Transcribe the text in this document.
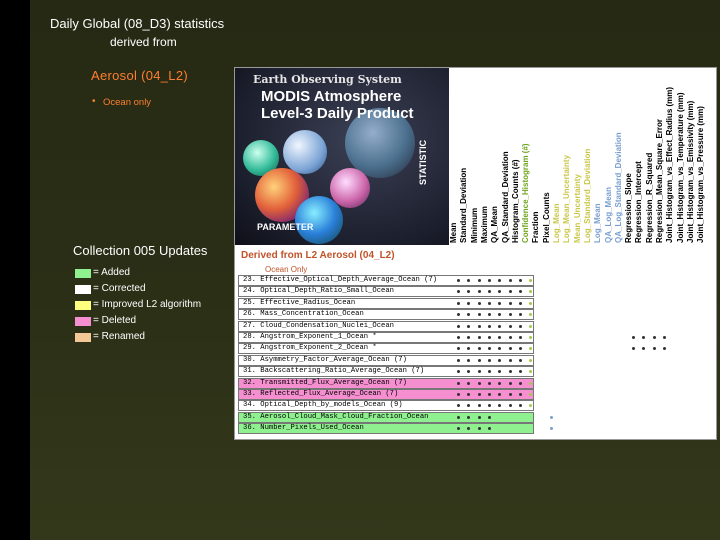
Daily Global (08_D3) statistics
derived from
Aerosol (04_L2)
• Ocean only
Collection 005 Updates
= Added
= Corrected
= Improved L2 algorithm
= Deleted
= Renamed
Earth Observing System
MODIS Atmosphere
Level-3 Daily Product
PARAMETER
STATISTIC
Mean Standard_Deviation Minimum Maximum QA_Mean QA_Standard_Deviation Histogram_Counts (#) Confidence_Histogram (#) Fraction Pixel_Counts Log_Mean Log_Mean_Uncertainty Mean_Uncertainty Log_Standard_Deviation Log_Mean QA_Log_Mean QA_Log_Standard_Deviation Regression_Slope Regression_Intercept Regression_R_Squared Regression_Mean_Square_Error Joint_Histogram_vs_Effect_Radius (mm) Joint_Histogram_vs_Temperature (mm) Joint_Histogram_vs_Emissivity (mm) Joint_Histogram_vs_Pressure (mm)
Derived from L2 Aerosol (04_L2)
Ocean Only
23. Effective_Optical_Depth_Average_Ocean (7)
24. Optical_Depth_Ratio_Small_Ocean
25. Effective_Radius_Ocean
26. Mass_Concentration_Ocean
27. Cloud_Condensation_Nuclei_Ocean
28. Angstrom_Exponent_1_Ocean *
29. Angstrom_Exponent_2_Ocean *
30. Asymmetry_Factor_Average_Ocean (7)
31. Backscattering_Ratio_Average_Ocean (7)
32. Transmitted_Flux_Average_Ocean (7)
33. Reflected_Flux_Average_Ocean (7)
34. Optical_Depth_by_models_Ocean (9)
35. Aerosol_Cloud_Mask_Cloud_Fraction_Ocean
36. Number_Pixels_Used_Ocean
